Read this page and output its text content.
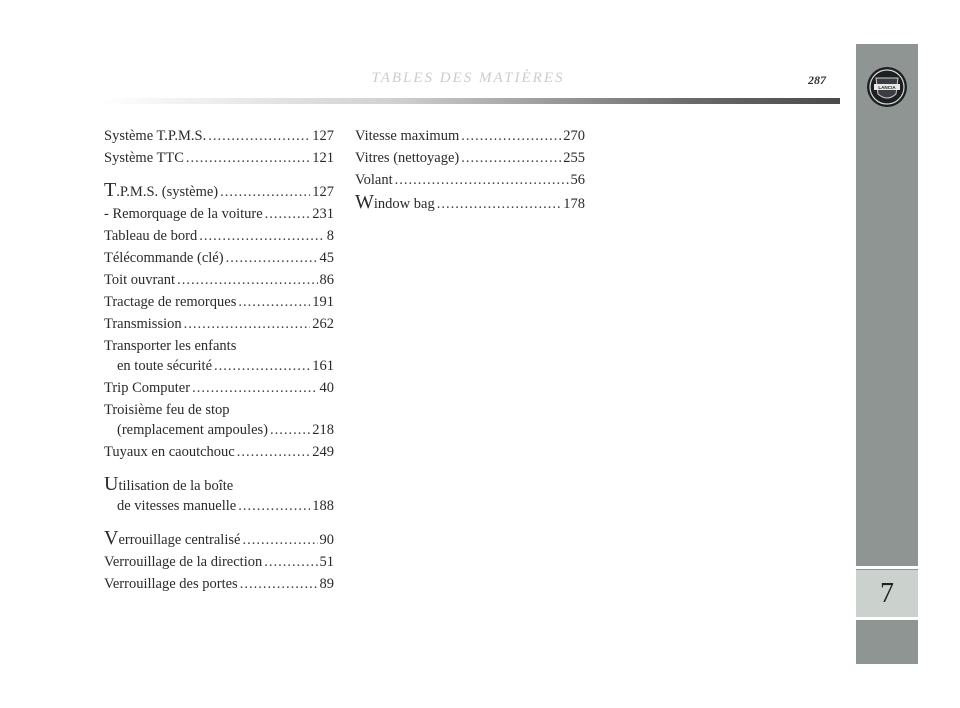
TABLES DES MATIÈRES	287
7
LANCIA
Système T.P.M.S. .....	127
Système TTC .....	121
T.P.M.S. (système) .....	127
- Remorquage de la voiture .....	231
Tableau de bord .....	8
Télécommande (clé) .....	45
Toit ouvrant .....	86
Tractage de remorques .....	191
Transmission .....	262
Transporter les enfants
en toute sécurité .....	161
Trip Computer .....	40
Troisième feu de stop
(remplacement ampoules) .....	218
Tuyaux en caoutchouc .....	249
Utilisation de la boîte
de vitesses manuelle .....	188
Verrouillage centralisé .....	90
Verrouillage de la direction .....	51
Verrouillage des portes .....	89
Vitesse maximum .....	270
Vitres (nettoyage) .....	255
Volant .....	56
Window bag .....	178
